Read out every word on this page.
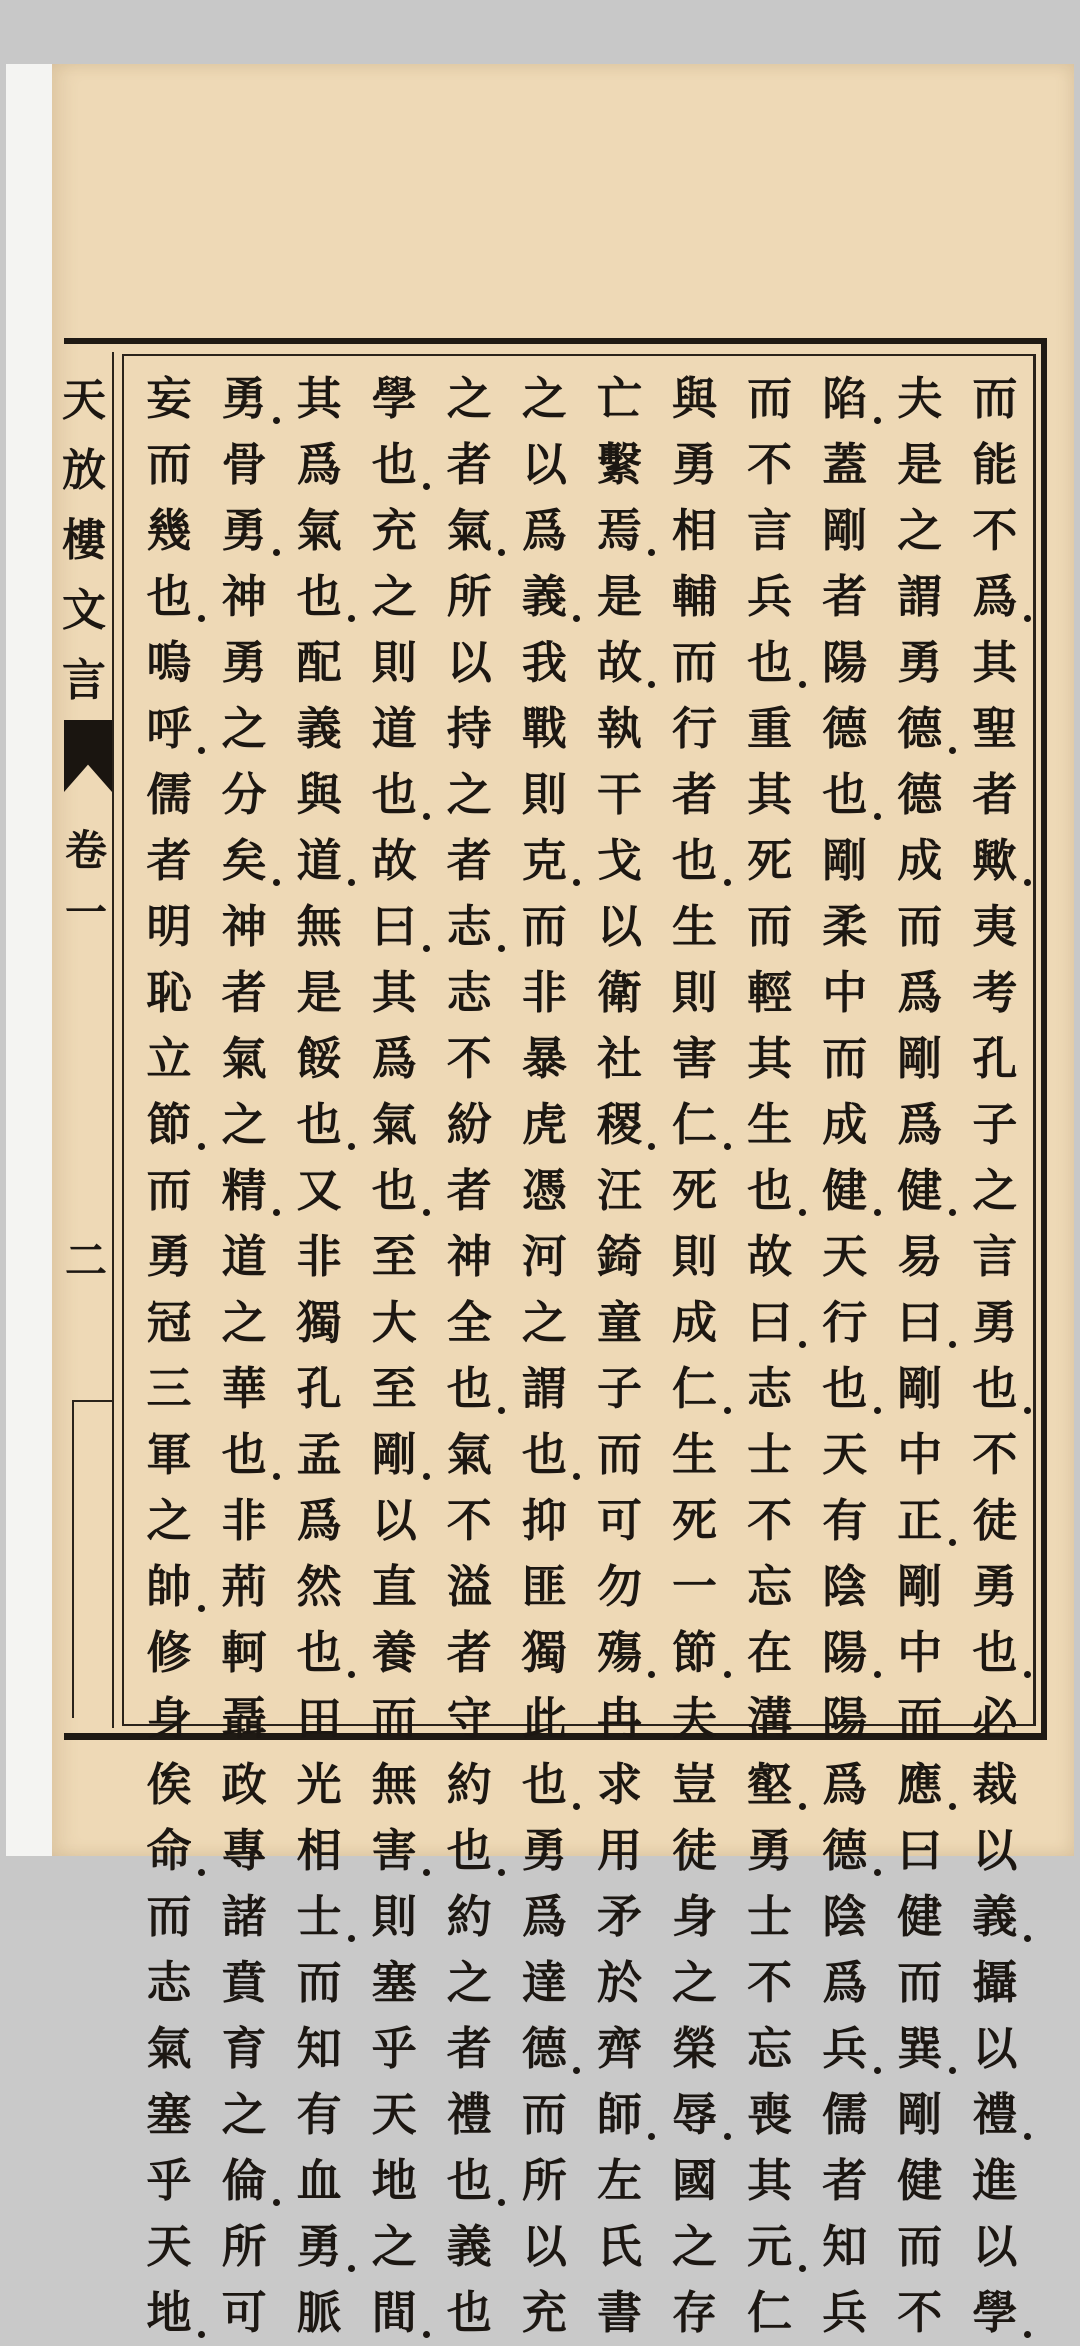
天
放
樓
文
言
卷
一
二
而
能
不
爲
其
聖
者
歟
夷
考
孔
子
之
言
勇
也
不
徒
勇
也
必
裁
以
義
攝
以
禮
進
以
學
夫
是
之
謂
勇
德
德
成
而
爲
剛
爲
健
易
曰
剛
中
正
剛
中
而
應
曰
健
而
巽
剛
健
而
不
陷
蓋
剛
者
陽
德
也
剛
柔
中
而
成
健
天
行
也
天
有
陰
陽
陽
爲
德
陰
爲
兵
儒
者
知
兵
而
不
言
兵
也
重
其
死
而
輕
其
生
也
故
曰
志
士
不
忘
在
溝
壑
勇
士
不
忘
喪
其
元
仁
與
勇
相
輔
而
行
者
也
生
則
害
仁
死
則
成
仁
生
死
一
節
夫
豈
徒
身
之
榮
辱
國
之
存
亡
繫
焉
是
故
執
干
戈
以
衛
社
稷
汪
錡
童
子
而
可
勿
殤
冉
求
用
矛
於
齊
師
左
氏
書
之
以
爲
義
我
戰
則
克
而
非
暴
虎
憑
河
之
謂
也
抑
匪
獨
此
也
勇
爲
達
德
而
所
以
充
之
者
氣
所
以
持
之
者
志
志
不
紛
者
神
全
也
氣
不
溢
者
守
約
也
約
之
者
禮
也
義
也
學
也
充
之
則
道
也
故
曰
其
爲
氣
也
至
大
至
剛
以
直
養
而
無
害
則
塞
乎
天
地
之
間
其
爲
氣
也
配
義
與
道
無
是
餒
也
又
非
獨
孔
孟
爲
然
也
田
光
相
士
而
知
有
血
勇
脈
勇
骨
勇
神
勇
之
分
矣
神
者
氣
之
精
道
之
華
也
非
荊
軻
聶
政
專
諸
賁
育
之
倫
所
可
妄
而
幾
也
嗚
呼
儒
者
明
恥
立
節
而
勇
冠
三
軍
之
帥
修
身
俟
命
而
志
氣
塞
乎
天
地
